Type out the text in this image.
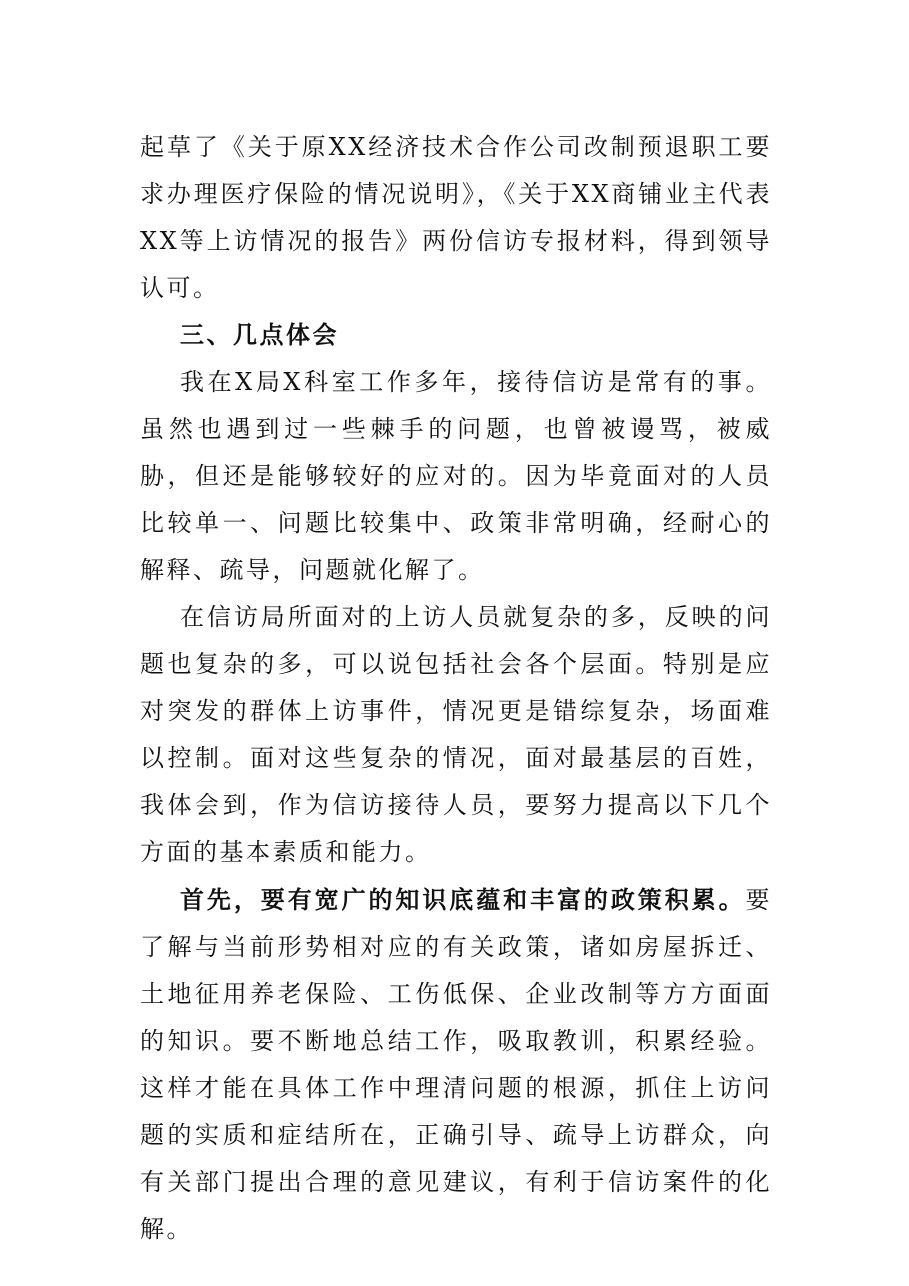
起草了《关于原XX经济技术合作公司改制预退职工要求办理医疗保险的情况说明》，《关于XX商铺业主代表XX等上访情况的报告》两份信访专报材料，得到领导认可。

三、几点体会

我在X局X科室工作多年，接待信访是常有的事。虽然也遇到过一些棘手的问题，也曾被谩骂，被威胁，但还是能够较好的应对的。因为毕竟面对的人员比较单一、问题比较集中、政策非常明确，经耐心的解释、疏导，问题就化解了。

在信访局所面对的上访人员就复杂的多，反映的问题也复杂的多，可以说包括社会各个层面。特别是应对突发的群体上访事件，情况更是错综复杂，场面难以控制。面对这些复杂的情况，面对最基层的百姓，我体会到，作为信访接待人员，要努力提高以下几个方面的基本素质和能力。

首先，要有宽广的知识底蕴和丰富的政策积累。要了解与当前形势相对应的有关政策，诸如房屋拆迁、土地征用养老保险、工伤低保、企业改制等方方面面的知识。要不断地总结工作，吸取教训，积累经验。这样才能在具体工作中理清问题的根源，抓住上访问题的实质和症结所在，正确引导、疏导上访群众，向有关部门提出合理的意见建议，有利于信访案件的化解。
